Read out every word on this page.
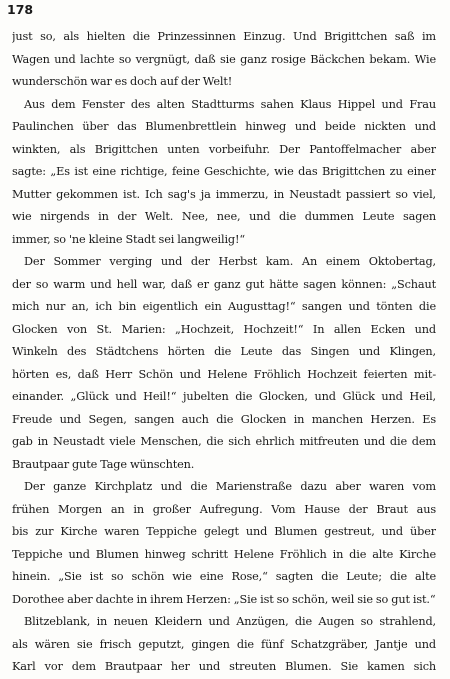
178
just so, als hielten die Prinzessinnen Einzug. Und Brigittchen saß im
Wagen und lachte so vergnügt, daß sie ganz rosige Bäckchen bekam. Wie
wunderschön war es doch auf der Welt!
Aus dem Fenster des alten Stadtturms sahen Klaus Hippel und Frau
Paulinchen über das Blumenbrettlein hinweg und beide nickten und
winkten, als Brigittchen unten vorbeifuhr. Der Pantoffelmacher aber
sagte: „Es ist eine richtige, feine Geschichte, wie das Brigittchen zu einer
Mutter gekommen ist. Ich sag's ja immerzu, in Neustadt passiert so viel,
wie nirgends in der Welt. Nee, nee, und die dummen Leute sagen
immer, so 'ne kleine Stadt sei langweilig!“
Der Sommer verging und der Herbst kam. An einem Oktobertag,
der so warm und hell war, daß er ganz gut hätte sagen können: „Schaut
mich nur an, ich bin eigentlich ein Augusttag!“ sangen und tönten die
Glocken von St. Marien: „Hochzeit, Hochzeit!“ In allen Ecken und
Winkeln des Städtchens hörten die Leute das Singen und Klingen,
hörten es, daß Herr Schön und Helene Fröhlich Hochzeit feierten mit-
einander. „Glück und Heil!“ jubelten die Glocken, und Glück und Heil,
Freude und Segen, sangen auch die Glocken in manchen Herzen. Es
gab in Neustadt viele Menschen, die sich ehrlich mitfreuten und die dem
Brautpaar gute Tage wünschten.
Der ganze Kirchplatz und die Marienstraße dazu aber waren vom
frühen Morgen an in großer Aufregung. Vom Hause der Braut aus
bis zur Kirche waren Teppiche gelegt und Blumen gestreut, und über
Teppiche und Blumen hinweg schritt Helene Fröhlich in die alte Kirche
hinein. „Sie ist so schön wie eine Rose,“ sagten die Leute; die alte
Dorothee aber dachte in ihrem Herzen: „Sie ist so schön, weil sie so gut ist.“
Blitzeblank, in neuen Kleidern und Anzügen, die Augen so strahlend,
als wären sie frisch geputzt, gingen die fünf Schatzgräber, Jantje und
Karl vor dem Brautpaar her und streuten Blumen. Sie kamen sich
